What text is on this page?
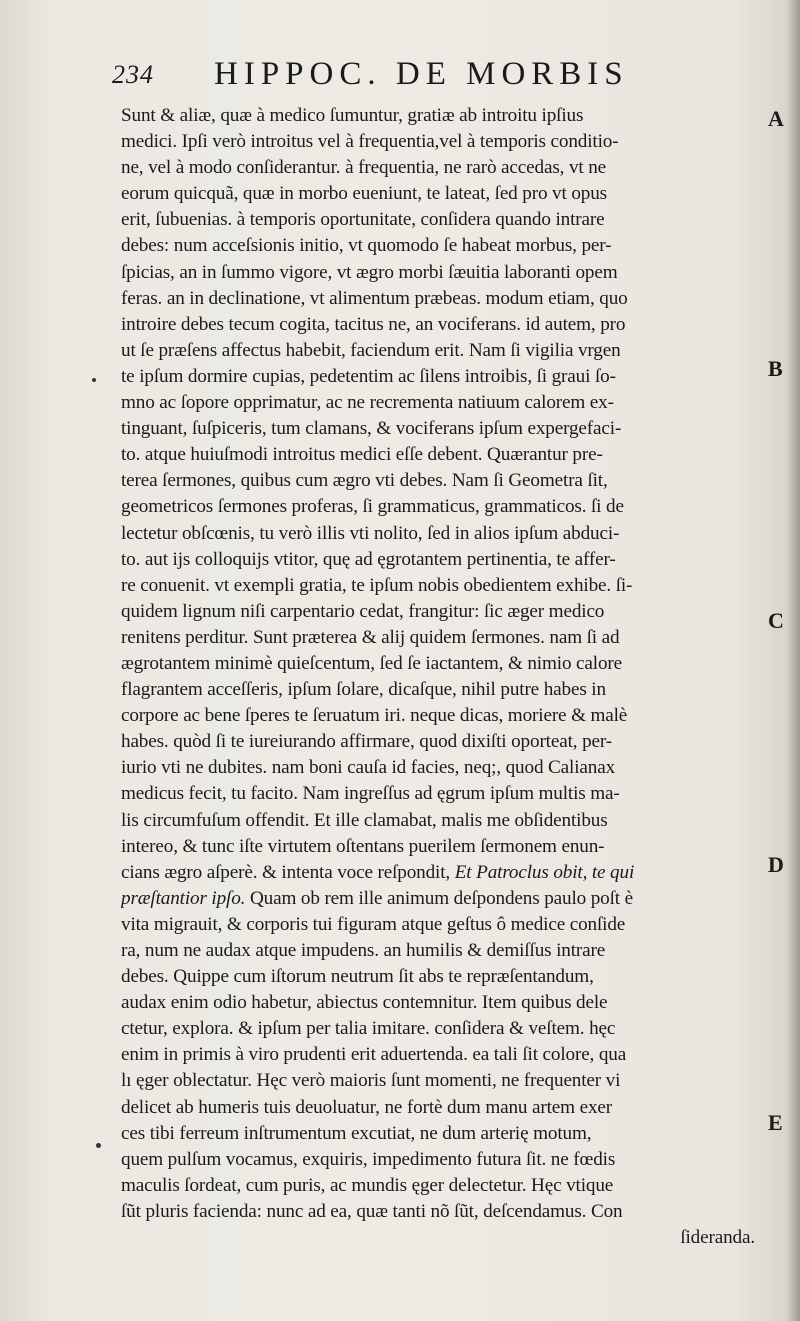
234 HIPPOC. DE MORBIS
Sunt & aliæ, quæ à medico ſumuntur, gratiæ ab introitu ipſius
medici. Ipſi verò introitus vel à frequentia,vel à temporis conditio-
ne, vel à modo conſiderantur. à frequentia, ne rarò accedas, vt ne
eorum quicquã, quæ in morbo eueniunt, te lateat, ſed pro vt opus
erit, ſubuenias. à temporis oportunitate, conſidera quando intrare
debes: num acceſsionis initio, vt quomodo ſe habeat morbus, per-
ſpicias, an in ſummo vigore, vt ægro morbi ſæuitia laboranti opem
feras. an in declinatione, vt alimentum præbeas. modum etiam, quo
introire debes tecum cogita, tacitus ne, an vociferans. id autem, pro
ut ſe præſens affectus habebit, faciendum erit. Nam ſi vigilia vrgen
te ipſum dormire cupias, pedetentim ac ſilens introibis, ſi graui ſo-
mno ac ſopore opprimatur, ac ne recrementa natiuum calorem ex-
tinguant, ſuſpiceris, tum clamans, & vociferans ipſum expergefaci-
to. atque huiuſmodi introitus medici eſſe debent. Quærantur pre-
terea ſermones, quibus cum ægro vti debes. Nam ſi Geometra ſit,
geometricos ſermones proferas, ſi grammaticus, grammaticos. ſi de
lectetur obſcœnis, tu verò illis vti nolito, ſed in alios ipſum abduci-
to. aut ijs colloquijs vtitor, quę ad ęgrotantem pertinentia, te affer-
re conuenit. vt exempli gratia, te ipſum nobis obedientem exhibe. ſi-
quidem lignum niſi carpentario cedat, frangitur: ſic æger medico
renitens perditur. Sunt præterea & alij quidem ſermones. nam ſi ad
ægrotantem minimè quieſcentum, ſed ſe iactantem, & nimio calore
flagrantem acceſſeris, ipſum ſolare, dicaſque, nihil putre habes in
corpore ac bene ſperes te ſeruatum iri. neque dicas, moriere & malè
habes. quòd ſi te iureiurando affirmare, quod dixiſti oporteat, per-
iurio vti ne dubites. nam boni cauſa id facies, neq;, quod Calianax
medicus fecit, tu facito. Nam ingreſſus ad ęgrum ipſum multis ma-
lis circumfuſum offendit. Et ille clamabat, malis me obſidentibus
intereo, & tunc iſte virtutem oſtentans puerilem ſermonem enun-
cians ægro aſperè. & intenta voce reſpondit, Et Patroclus obit, te qui
præſtantior ipſo. Quam ob rem ille animum deſpondens paulo poſt è
vita migrauit, & corporis tui figuram atque geſtus ô medice conſide
ra, num ne audax atque impudens. an humilis & demiſſus intrare
debes. Quippe cum iſtorum neutrum ſit abs te repræſentandum,
audax enim odio habetur, abiectus contemnitur. Item quibus dele
ctetur, explora. & ipſum per talia imitare. conſidera & veſtem. hęc
enim in primis à viro prudenti erit aduertenda. ea tali ſit colore, qua
lı ęger oblectatur. Hęc verò maioris ſunt momenti, ne frequenter vi
delicet ab humeris tuis deuoluatur, ne fortè dum manu artem exer
ces tibi ferreum inſtrumentum excutiat, ne dum arterię motum,
quem pulſum vocamus, exquiris, impedimento futura ſit. ne fœdis
maculis ſordeat, cum puris, ac mundis ęger delectetur. Hęc vtique
ſũt pluris facienda: nunc ad ea, quæ tanti nõ ſũt, deſcendamus. Con
ſideranda.
A
B
C
D
E
